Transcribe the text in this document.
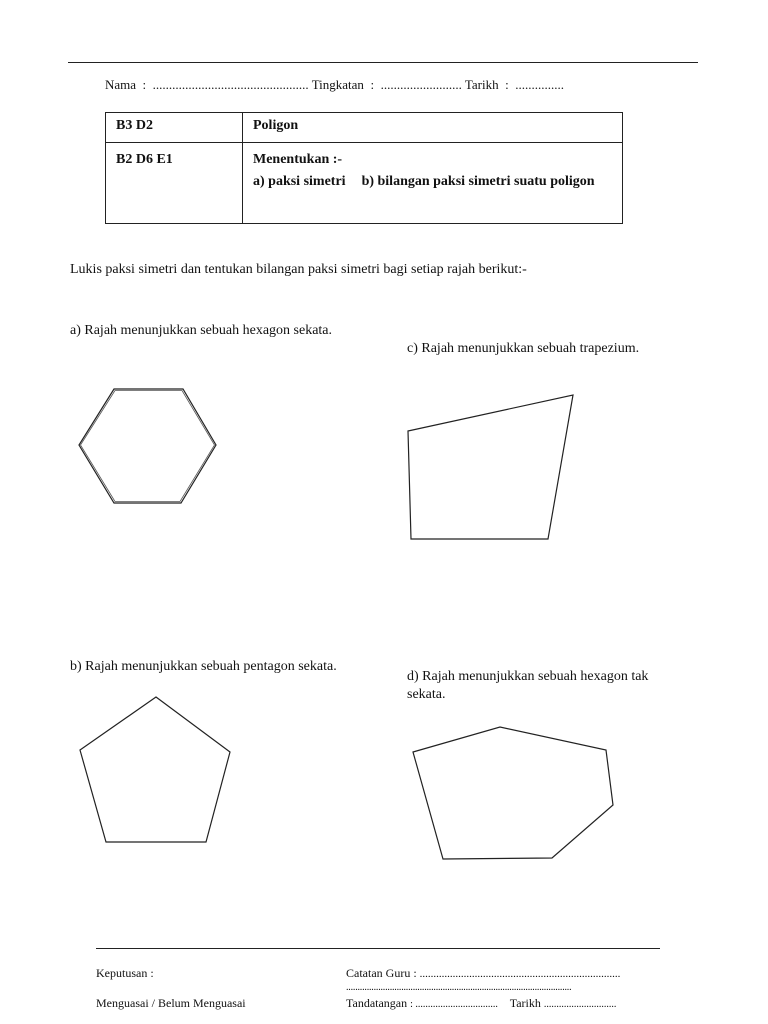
Nama  :  ................................................ Tingkatan  :  ......................... Tarikh  :  ...............
B3 D2	Poligon
B2 D6 E1	Menentukan :-
a) paksi simetri b) bilangan paksi simetri suatu poligon
Lukis paksi simetri dan tentukan bilangan paksi simetri bagi setiap rajah berikut:-
a) Rajah menunjukkan sebuah hexagon sekata.
c) Rajah menunjukkan sebuah trapezium.
b) Rajah menunjukkan sebuah pentagon sekata.
d) Rajah menunjukkan sebuah hexagon tak
sekata.
Keputusan :
Menguasai / Belum Menguasai
Catatan Guru : .........................................................................
..................................................................................................
Tandatangan : ................................. Tarikh .............................
